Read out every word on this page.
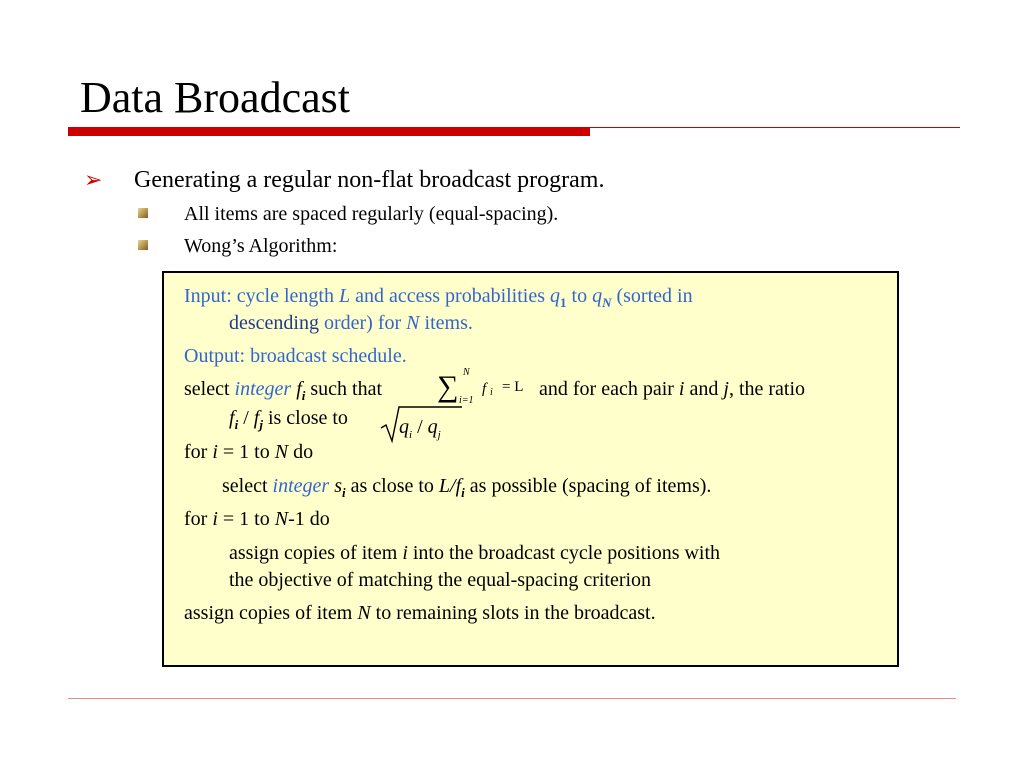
Data Broadcast
➢ Generating a regular non-flat broadcast program.
All items are spaced regularly (equal-spacing).
Wong’s Algorithm:
Input: cycle length L and access probabilities $q_1$ to $q_N$ (sorted in
descending order) for N items.
Output: broadcast schedule.
select integer $f_i$ such that ∑ N
i=1
f i = L and for each pair i and j, the ratio
$f_i / f_j$ is close to	$q_i / q_j$
for i = 1 to N do
select integer $s_i$ as close to $L/f_i$ as possible (spacing of items).
for i = 1 to N-1 do
assign copies of item i into the broadcast cycle positions with
the objective of matching the equal-spacing criterion
assign copies of item N to remaining slots in the broadcast.
